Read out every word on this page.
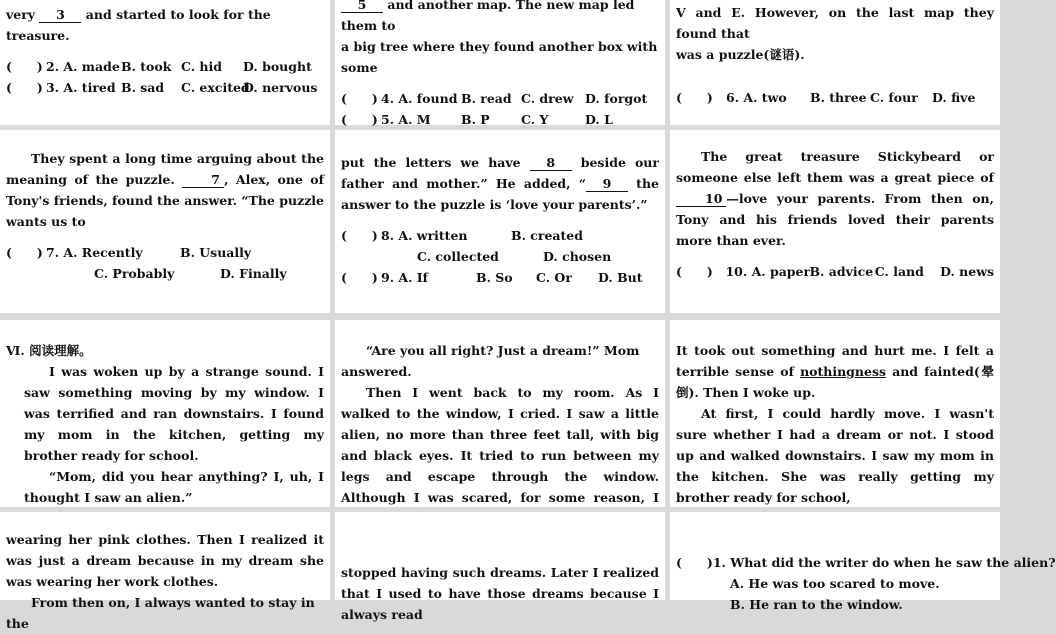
very 3 and started to look for the treasure.

(　　) 2. A. made B. took C. hid	D. bought
(　　) 3. A. tired B. sad	C. excited
D. nervous

5 and another map. The new map led them to

a big tree where they found another box with some

(　　) 4. A. found B. read C. drew D. forgot
(　　) 5. A. M	B. P	C. Y	D. L

V and E. However, on the last map they found that

was a puzzle(谜语).

(　　)	6. A. two	B. three C. four	D. five

They spent a long time arguing about the meaning of the puzzle.	7 , Alex, one of Tony's friends, found the answer. “The puzzle wants us to

(　　) 7. A. Recently	B. Usually
C. Probably	D. Finally

put the letters we have 8 beside our father and mother.” He added, “ 9 the answer to the puzzle is ‘love your parents’.”

(　　) 8. A. written	B. created
C. collected	D. chosen
(　　) 9. A. If	B. So	C. Or	D. But

The great treasure Stickybeard or someone else left them was a great piece of 10 —love your parents. From then on, Tony and his friends loved their parents more than ever.

(　　)	10. A. paper B. advice C. land	D. news

Ⅵ. 阅读理解。

I was woken up by a strange sound. I saw something moving by my window. I was terrified and ran downstairs. I found my mom in the kitchen, getting my brother ready for school.

“Mom, did you hear anything? I, uh, I thought I saw an alien.”

“Are you all right? Just a dream!” Mom answered.

Then I went back to my room. As I walked to the window, I cried. I saw a little alien, no more than three feet tall, with big and black eyes. It tried to run between my legs and escape through the window. Although I was scared, for some reason, I

It took out something and hurt me. I felt a terrible sense of nothingness and fainted(晕倒). Then I woke up.

At first, I could hardly move. I wasn't sure whether I had a dream or not. I stood up and walked downstairs. I saw my mom in the kitchen. She was really getting my brother ready for school,

wearing her pink clothes. Then I realized it was just a dream because in my dream she was wearing her work clothes.

From then on, I always wanted to stay in the

stopped having such dreams. Later I realized that I used to have those dreams because I always read

(　　) 1. What did the writer do when he saw the alien?

A. He was too scared to move.

B. He ran to the window.
